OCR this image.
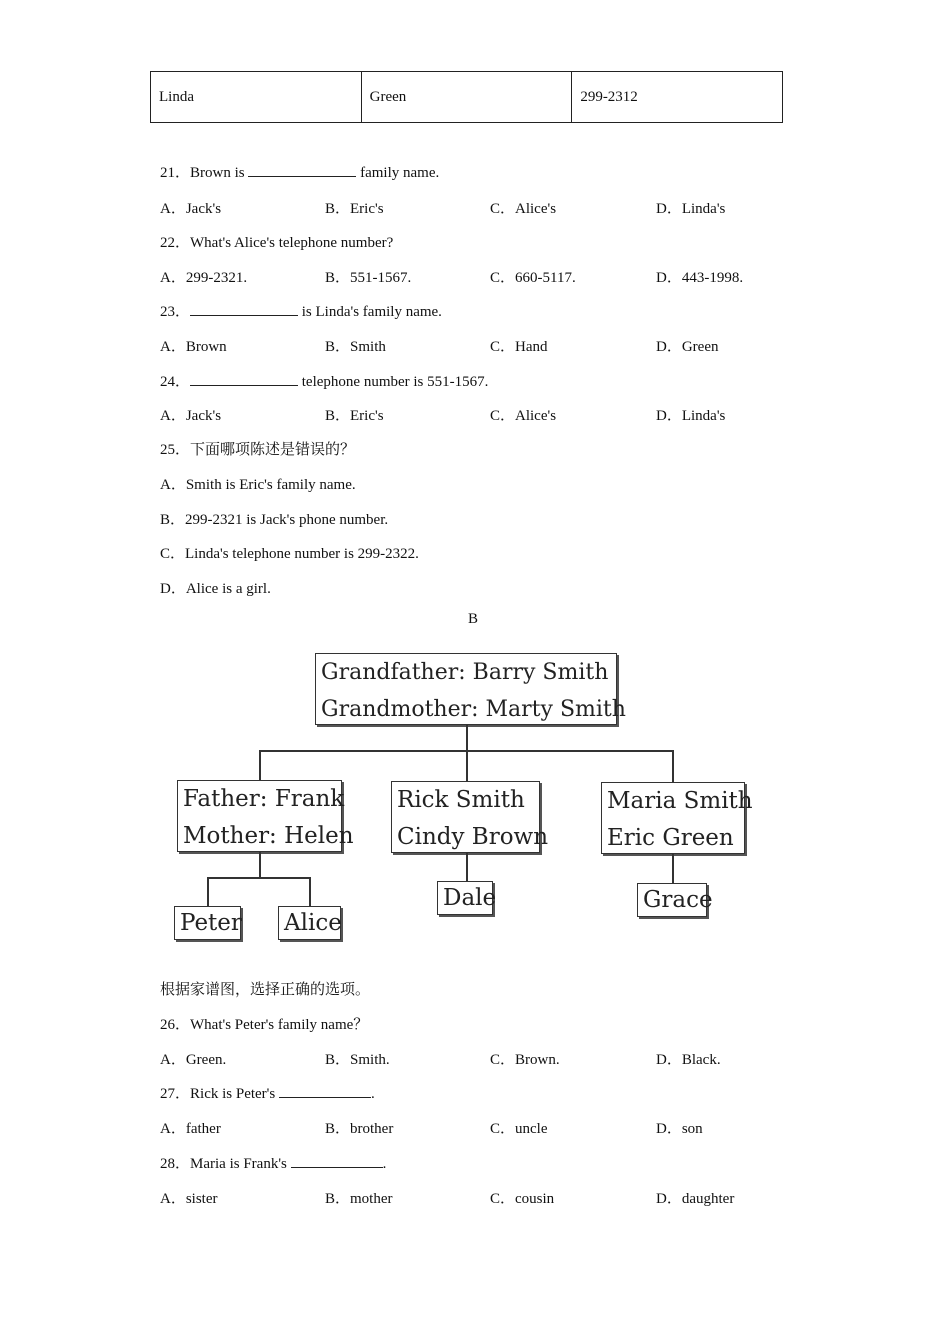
Linda	Green	299-2312
21．Brown is	family name.
A．Jack's	B．Eric's	C．Alice's	D．Linda's
22．What's Alice's telephone number?
A．299-2321.	B．551-1567.	C．660-5117.	D．443-1998.
23．	is Linda's family name.
A．Brown	B．Smith	C．Hand	D．Green
24．	telephone number is 551-1567.
A．Jack's	B．Eric's	C．Alice's	D．Linda's
25．下面哪项陈述是错误的？
A．Smith is Eric's family name.
B．299-2321 is Jack's phone number.
C．Linda's telephone number is 299-2322.
D．Alice is a girl.
B
Grandfather: Barry Smith
Grandmother: Marty Smith
Father: Frank
Mother: Helen
Rick Smith
Cindy Brown
Maria Smith
Eric Green
Peter Alice
Dale	Grace
根据家谱图，选择正确的选项。
26．What's Peter's family name？
A．Green.	B．Smith.	C．Brown.	D．Black.
27．Rick is Peter's	.
A．father	B．brother	C．uncle	D．son
28．Maria is Frank's	.
A．sister	B．mother	C．cousin	D．daughter
